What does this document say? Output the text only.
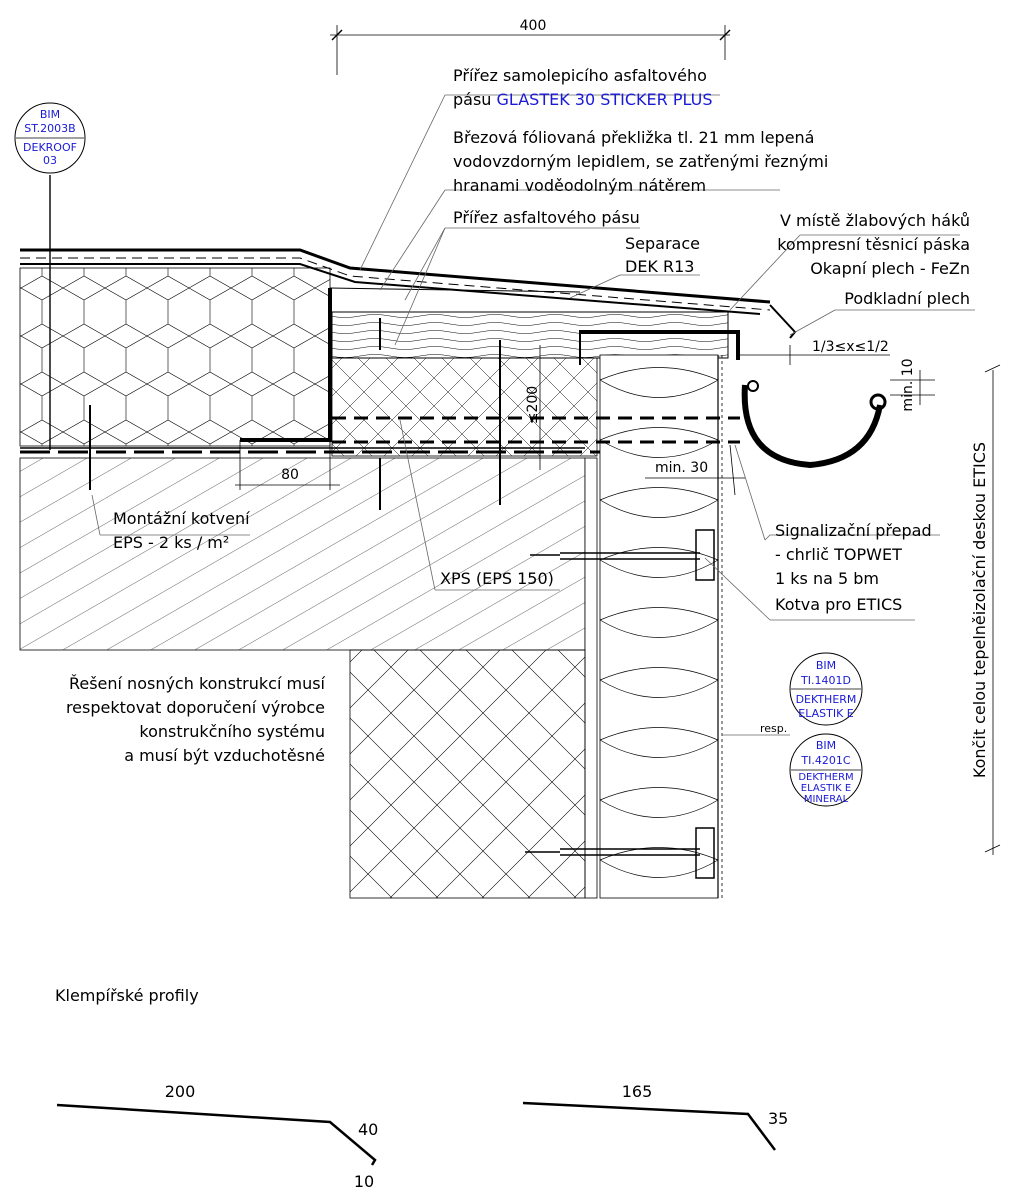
400
80
≤200
1/3≤x≤1/2
min. 10
min. 30
Přířez samolepicího asfaltového
pásu GLASTEK 30 STICKER PLUS
Březová fóliovaná překližka tl. 21 mm lepená
vodovzdorným lepidlem, se zatřenými řeznými
hranami voděodolným nátěrem
Přířez asfaltového pásu
Separace
DEK R13
V místě žlabových háků
kompresní těsnicí páska
Okapní plech - FeZn
Podkladní plech
Montážní kotvení
EPS - 2 ks / m²
XPS (EPS 150)
Signalizační přepad
- chrlič TOPWET
1 ks na 5 bm
Kotva pro ETICS
Řešení nosných konstrukcí musí
respektovat doporučení výrobce
konstrukčního systému
a musí být vzduchotěsné
resp.	Končit celou tepelněizolační deskou ETICS
BIM
ST.2003B
DEKROOF
03
BIM
TI.1401D
DEKTHERM
ELASTIK E
BIM
TI.4201C
DEKTHERM
ELASTIK E
MINERAL
Klempířské profily
200
40
10
165
35
